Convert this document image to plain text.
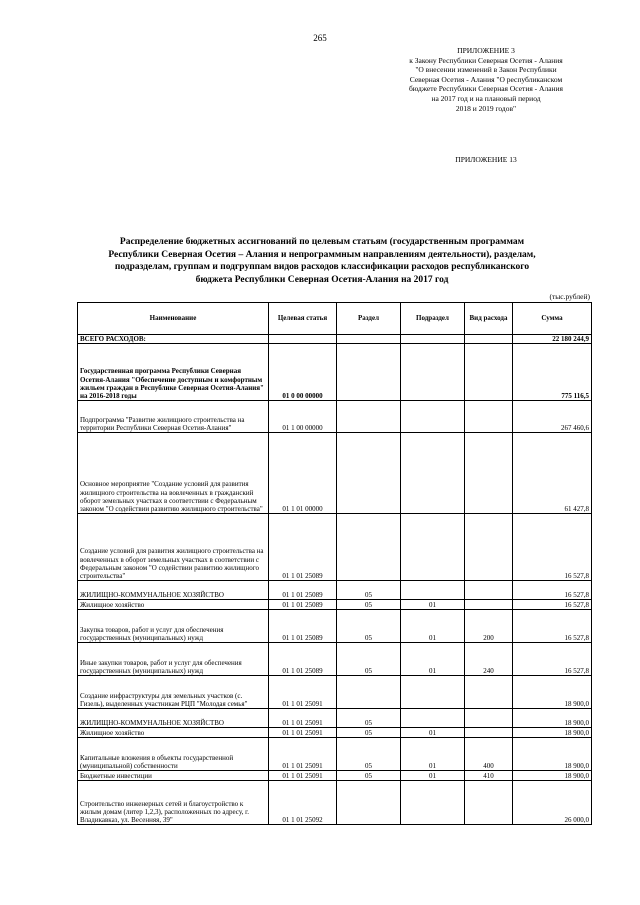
265
ПРИЛОЖЕНИЕ 3
к Закону Республики Северная Осетия - Алания
"О внесении изменений в Закон Республики
Северная Осетия - Алания "О республиканском
бюджете Республики Северная Осетия - Алания
на 2017 год и на плановый период
2018 и 2019 годов"
ПРИЛОЖЕНИЕ 13
Распределение бюджетных ассигнований по целевым статьям (государственным программам
Республики Северная Осетия – Алания и непрограммным направлениям деятельности), разделам,
подразделам, группам и подгруппам видов расходов классификации расходов республиканского
бюджета Республики Северная Осетия-Алания на 2017 год
(тыс.рублей)
Наименование	Целевая статья	Раздел	Подраздел	Вид расхода	Сумма
ВСЕГО РАСХОДОВ:					22 180 244,9
Государственная программа Республики Северная Осетия-Алания "Обеспечение доступным и комфортным жильем граждан в Республике Северная Осетия-Алания" на 2016-2018 годы	01 0 00 00000				775 116,5
Подпрограмма "Развитие жилищного строительства на территории Республики Северная Осетия-Алания"	01 1 00 00000				267 460,6
Основное мероприятие "Создание условий для развития жилищного строительства на вовлеченных в гражданский оборот земельных участках в соответствии с Федеральным законом "О содействии развитию жилищного строительства"	01 1 01 00000				61 427,8
Создание условий для развития жилищного строительства на вовлеченных в оборот земельных участках в соответствии с Федеральным законом "О содействии развитию жилищного строительства"	01 1 01 25089				16 527,8
ЖИЛИЩНО-КОММУНАЛЬНОЕ ХОЗЯЙСТВО	01 1 01 25089	05			16 527,8
Жилищное хозяйство	01 1 01 25089	05	01		16 527,8
Закупка товаров, работ и услуг для обеспечения государственных (муниципальных) нужд	01 1 01 25089	05	01	200	16 527,8
Иные закупки товаров, работ и услуг для обеспечения государственных (муниципальных) нужд	01 1 01 25089	05	01	240	16 527,8
Создание инфраструктуры для земельных участков (с. Гизель), выделенных участникам РЦП "Молодая семья"	01 1 01 25091				18 900,0
ЖИЛИЩНО-КОММУНАЛЬНОЕ ХОЗЯЙСТВО	01 1 01 25091	05			18 900,0
Жилищное хозяйство	01 1 01 25091	05	01		18 900,0
Капитальные вложения в объекты государственной (муниципальной) собственности	01 1 01 25091	05	01	400	18 900,0
Бюджетные инвестиции	01 1 01 25091	05	01	410	18 900,0
Строительство инженерных сетей и благоустройство к жилым домам (литер 1,2,3), расположенных по адресу, г. Владикавказ, ул. Весенняя, 39"	01 1 01 25092				26 000,0
